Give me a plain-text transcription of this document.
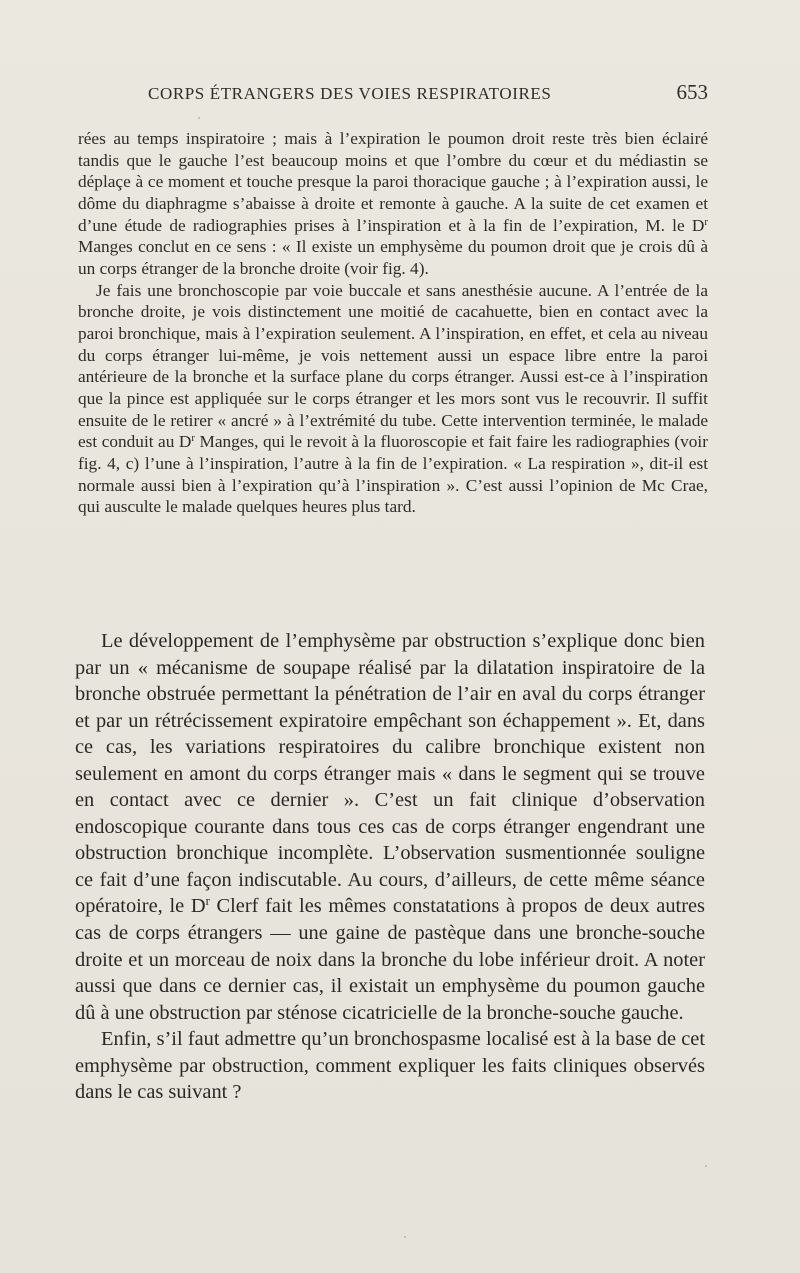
CORPS ÉTRANGERS DES VOIES RESPIRATOIRES	653

rées au temps inspiratoire ; mais à l’expiration le poumon droit reste très bien éclairé tandis que le gauche l’est beaucoup moins et que l’ombre du cœur et du médiastin se déplaçe à ce moment et touche presque la paroi thoracique gauche ; à l’expiration aussi, le dôme du diaphragme s’abaisse à droite et remonte à gauche. A la suite de cet examen et d’une étude de radiographies prises à l’inspiration et à la fin de l’expiration, M. le $D^r$ Manges conclut en ce sens : « Il existe un emphysème du poumon droit que je crois dû à un corps étranger de la bronche droite (voir fig. 4).

Je fais une bronchoscopie par voie buccale et sans anesthésie aucune. A l’entrée de la bronche droite, je vois distinctement une moitié de cacahuette, bien en contact avec la paroi bronchique, mais à l’expiration seulement. A l’inspiration, en effet, et cela au niveau du corps étranger lui-même, je vois nettement aussi un espace libre entre la paroi antérieure de la bronche et la surface plane du corps étranger. Aussi est-ce à l’inspiration que la pince est appliquée sur le corps étranger et les mors sont vus le recouvrir. Il suffit ensuite de le retirer « ancré » à l’extrémité du tube. Cette intervention terminée, le malade est conduit au $D^r$ Manges, qui le revoit à la fluoroscopie et fait faire les radiographies (voir fig. 4, c) l’une à l’inspiration, l’autre à la fin de l’expiration. « La respiration », dit-il est normale aussi bien à l’expiration qu’à l’inspiration ». C’est aussi l’opinion de Mc Crae, qui ausculte le malade quelques heures plus tard.

Le développement de l’emphysème par obstruction s’explique donc bien par un « mécanisme de soupape réalisé par la dilatation inspiratoire de la bronche obstruée permettant la pénétration de l’air en aval du corps étranger et par un rétrécissement expiratoire empêchant son échappement ». Et, dans ce cas, les variations respiratoires du calibre bronchique existent non seulement en amont du corps étranger mais « dans le segment qui se trouve en contact avec ce dernier ». C’est un fait clinique d’observation endoscopique courante dans tous ces cas de corps étranger engendrant une obstruction bronchique incomplète. L’observation susmentionnée souligne ce fait d’une façon indiscutable. Au cours, d’ailleurs, de cette même séance opératoire, le $D^r$ Clerf fait les mêmes constatations à propos de deux autres cas de corps étrangers — une gaine de pastèque dans une bronche-souche droite et un morceau de noix dans la bronche du lobe inférieur droit. A noter aussi que dans ce dernier cas, il existait un emphysème du poumon gauche dû à une obstruction par sténose cicatricielle de la bronche-souche gauche.

Enfin, s’il faut admettre qu’un bronchospasme localisé est à la base de cet emphysème par obstruction, comment expliquer les faits cliniques observés dans le cas suivant ?
